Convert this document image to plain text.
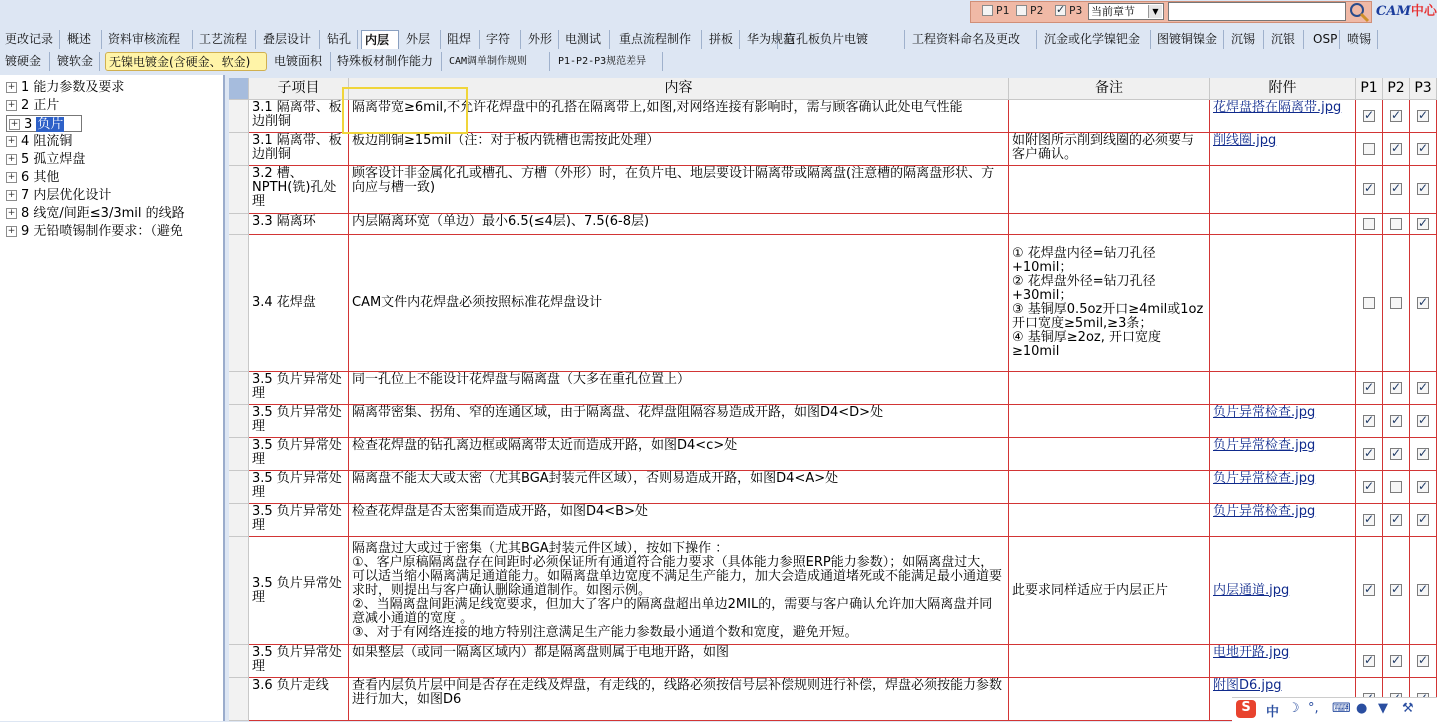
P1 P2
✓ P3 当前章节	▼	CAM中心
更改记录	概述	资料审核流程	工艺流程	叠层设计	钻孔	内层	外层	阻焊	字符	外形	电测试	重点流程制作	拼板	华为规范
盲孔板负片电镀	工程资料命名及更改	沉金或化学镍钯金	图镀铜镍金	沉锡	沉银	OSP 喷锡
镀硬金	镀软金	无镍电镀金(含硬金、软金)	电镀面积	特殊板材制作能力	CAM调单制作规则	P1-P2-P3规范差异
+ 1 能力参数及要求
+ 2 正片
+ 3 负片
+ 4 阻流铜
+ 5 孤立焊盘
+ 6 其他
+ 7 内层优化设计
+ 8 线宽/间距≤3/3mil 的线路
+ 9 无铅喷锡制作要求：（避免
子项目	内容	备注	附件	P1 P2 P3
3.1 隔离带、板边削铜
隔离带宽≥6mil,不允许花焊盘中的孔搭在隔离带上,如图,对网络连接有影响时，需与顾客确认此处电气性能	花焊盘搭在隔离带.jpg
✓
✓
✓
3.1 隔离带、板边削铜
板边削铜≥15mil（注：对于板内铣槽也需按此处理）	如附图所示削到线圈的必须要与客户确认。
削线圈.jpg
✓
✓
3.2 槽、NPTH(铣)孔处理
顾客设计非金属化孔或槽孔、方槽（外形）时，在负片电、地层要设计隔离带或隔离盘(注意槽的隔离盘形状、方向应与槽一致)
✓
✓
✓
3.3 隔离环	内层隔离环宽（单边）最小6.5(≤4层)、7.5(6-8层)
✓
3.4 花焊盘	CAM文件内花焊盘必须按照标准花焊盘设计
① 花焊盘内径=钻刀孔径+10mil；
② 花焊盘外径=钻刀孔径+30mil；
③ 基铜厚0.5oz开口≥4mil或1oz开口宽度≥5mil,≥3条；
④ 基铜厚≥2oz, 开口宽度≥10mil
✓
3.5 负片异常处理
同一孔位上不能设计花焊盘与隔离盘（大多在重孔位置上）
✓
✓
✓
3.5 负片异常处理
隔离带密集、拐角、窄的连通区域，由于隔离盘、花焊盘阻隔容易造成开路，如图D4<D>处	负片异常检查.jpg
✓
✓
✓
3.5 负片异常处理
检查花焊盘的钻孔离边框或隔离带太近而造成开路，如图D4<c>处	负片异常检查.jpg
✓
✓
✓
3.5 负片异常处理
隔离盘不能太大或太密（尤其BGA封装元件区域），否则易造成开路，如图D4<A>处	负片异常检查.jpg
✓
✓
3.5 负片异常处理
检查花焊盘是否太密集而造成开路，如图D4<B>处	负片异常检查.jpg
✓
✓
✓
3.5 负片异常处理
隔离盘过大或过于密集（尤其BGA封装元件区域），按如下操作 ：
①、客户原稿隔离盘存在间距时必须保证所有通道符合能力要求（具体能力参照ERP能力参数）；如隔离盘过大，可以适当缩小隔离满足通道能力。如隔离盘单边宽度不满足生产能力，加大会造成通道堵死或不能满足最小通道要求时，则提出与客户确认删除通道制作。如图示例。
②、当隔离盘间距满足线宽要求，但加大了客户的隔离盘超出单边2MIL的，需要与客户确认允许加大隔离盘并同意减小通道的宽度 。
③、对于有网络连接的地方特别注意满足生产能力参数最小通道个数和宽度，避免开短。
此要求同样适应于内层正片	内层通道.jpg
✓
✓
✓
3.5 负片异常处理
如果整层（或同一隔离区域内）都是隔离盘则属于电地开路，如图	电地开路.jpg
✓
✓
✓
3.6 负片走线	查看内层负片层中间是否存在走线及焊盘，有走线的，线路必须按信号层补偿规则进行补偿，焊盘必须按能力参数进行加大，如图D6
附图D6.jpg
✓
✓
✓
S	中 ☽ °, ⌨ ● ▼ ⚒
